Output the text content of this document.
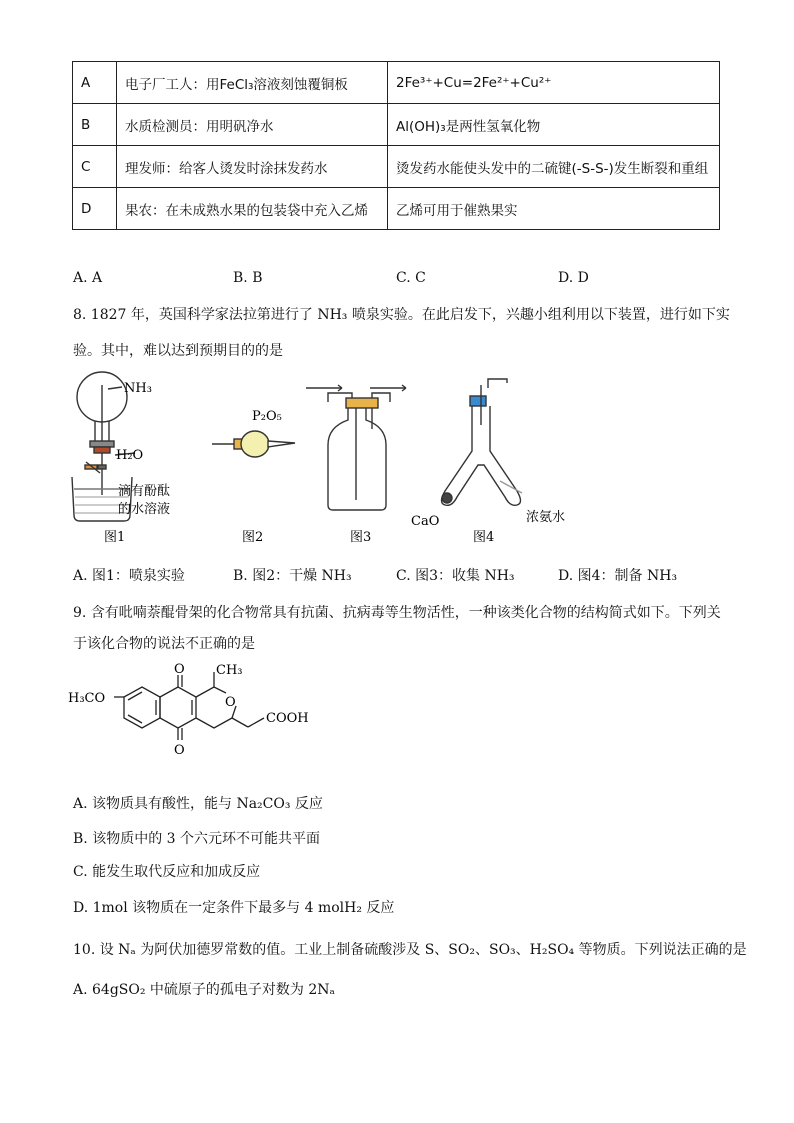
A	电子厂工人：用FeCl₃溶液刻蚀覆铜板	2Fe³⁺+Cu=2Fe²⁺+Cu²⁺
B	水质检测员：用明矾净水	Al(OH)₃是两性氢氧化物
C	理发师：给客人烫发时涂抹发药水	烫发药水能使头发中的二硫键(-S-S-)发生断裂和重组
D	果农：在未成熟水果的包装袋中充入乙烯	乙烯可用于催熟果实
A. A	B. B	C. C	D. D
8. 1827 年，英国科学家法拉第进行了 NH₃ 喷泉实验。在此启发下，兴趣小组利用以下装置，进行如下实
验。其中，难以达到预期目的的是
NH₃
H₂O
滴有酚酞
的水溶液
P₂O₅
CaO	浓氨水
图1	图2	图3	图4
A. 图1：喷泉实验	B. 图2：干燥 NH₃	C. 图3：收集 NH₃	D. 图4：制备 NH₃
9. 含有吡喃萘醌骨架的化合物常具有抗菌、抗病毒等生物活性，一种该类化合物的结构简式如下。下列关
于该化合物的说法不正确的是
CH₃
H₃CO
O
O
O
COOH
A. 该物质具有酸性，能与 Na₂CO₃ 反应
B. 该物质中的 3 个六元环不可能共平面
C. 能发生取代反应和加成反应
D. 1mol 该物质在一定条件下最多与 4 molH₂ 反应
10. 设 Nₐ 为阿伏加德罗常数的值。工业上制备硫酸涉及 S、SO₂、SO₃、H₂SO₄ 等物质。下列说法正确的是
A. 64gSO₂ 中硫原子的孤电子对数为 2Nₐ
